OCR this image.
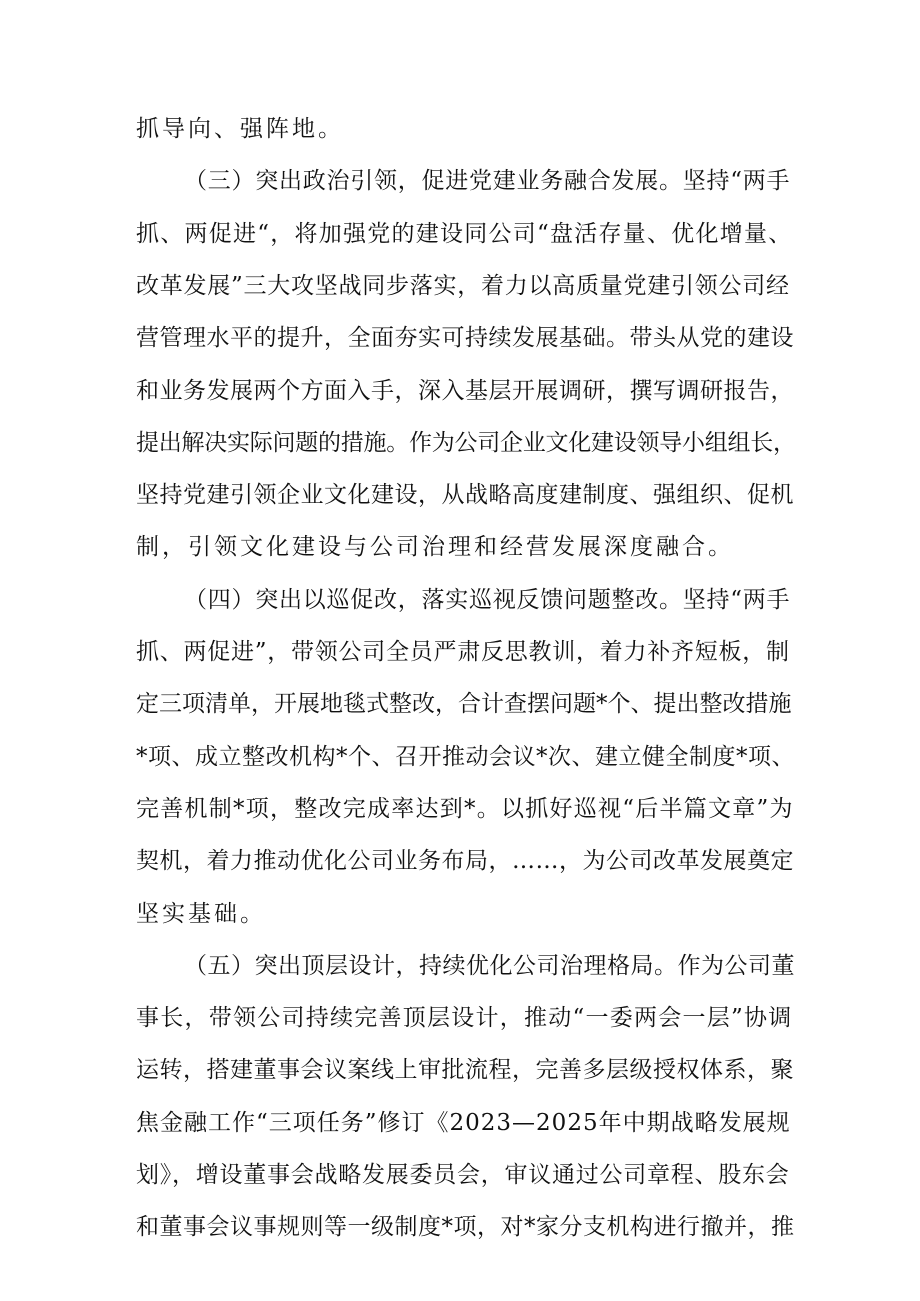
抓导向、强阵地。
（三）突出政治引领，促进党建业务融合发展。坚持“两手
抓、两促进“，将加强党的建设同公司“盘活存量、优化增量、
改革发展”三大攻坚战同步落实，着力以高质量党建引领公司经
营管理水平的提升，全面夯实可持续发展基础。带头从党的建设
和业务发展两个方面入手，深入基层开展调研，撰写调研报告，
提出解决实际问题的措施。作为公司企业文化建设领导小组组长，
坚持党建引领企业文化建设，从战略高度建制度、强组织、促机
制，引领文化建设与公司治理和经营发展深度融合。
（四）突出以巡促改，落实巡视反馈问题整改。坚持“两手
抓、两促进”，带领公司全员严肃反思教训，着力补齐短板，制
定三项清单，开展地毯式整改，合计查摆问题*个、提出整改措施
*项、成立整改机构*个、召开推动会议*次、建立健全制度*项、
完善机制*项，整改完成率达到*。以抓好巡视“后半篇文章”为
契机，着力推动优化公司业务布局，……，为公司改革发展奠定
坚实基础。
（五）突出顶层设计，持续优化公司治理格局。作为公司董
事长，带领公司持续完善顶层设计，推动“一委两会一层”协调
运转，搭建董事会议案线上审批流程，完善多层级授权体系，聚
焦金融工作“三项任务”修订《2023—2025年中期战略发展规
划》，增设董事会战略发展委员会，审议通过公司章程、股东会
和董事会议事规则等一级制度*项，对*家分支机构进行撤并，推
